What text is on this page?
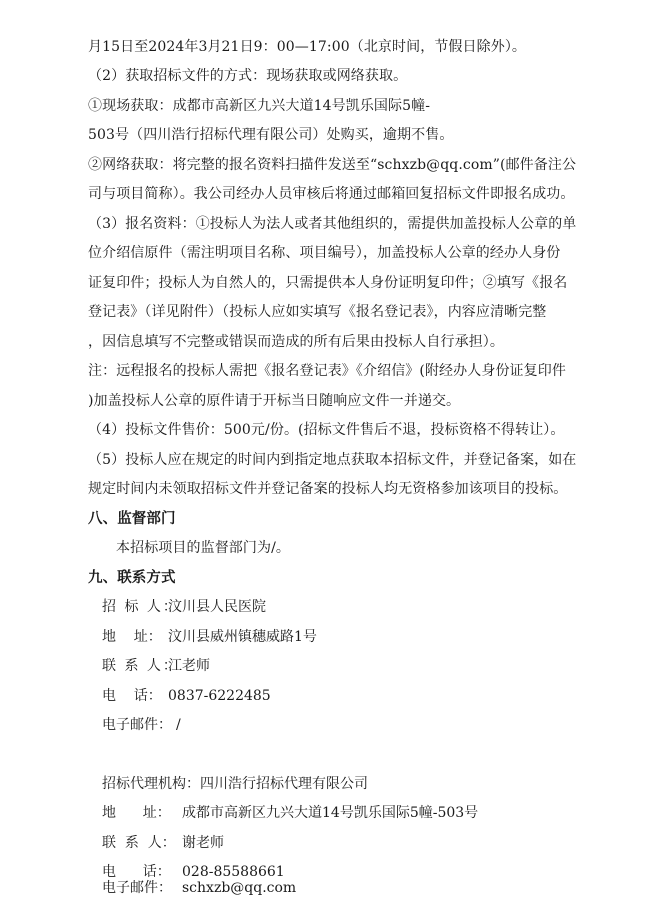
月15日至2024年3月21日9：00—17:00（北京时间，节假日除外）。
（2）获取招标文件的方式：现场获取或网络获取。
①现场获取：成都市高新区九兴大道14号凯乐国际5幢-
503号（四川浩行招标代理有限公司）处购买，逾期不售。
②网络获取：将完整的报名资料扫描件发送至“schxzb@qq.com”(邮件备注公
司与项目简称）。我公司经办人员审核后将通过邮箱回复招标文件即报名成功。
（3）报名资料：①投标人为法人或者其他组织的，需提供加盖投标人公章的单
位介绍信原件（需注明项目名称、项目编号），加盖投标人公章的经办人身份
证复印件；投标人为自然人的，只需提供本人身份证明复印件；②填写《报名
登记表》（详见附件）（投标人应如实填写《报名登记表》，内容应清晰完整
，因信息填写不完整或错误而造成的所有后果由投标人自行承担）。
注：远程报名的投标人需把《报名登记表》《介绍信》(附经办人身份证复印件
)加盖投标人公章的原件请于开标当日随响应文件一并递交。
（4）投标文件售价：500元/份。(招标文件售后不退，投标资格不得转让）。
（5）投标人应在规定的时间内到指定地点获取本招标文件，并登记备案，如在
规定时间内未领取招标文件并登记备案的投标人均无资格参加该项目的投标。
八、监督部门
本招标项目的监督部门为/。
九、联系方式
招 标 人：汶川县人民医院
地    址： 汶川县威州镇穗威路1号
联 系 人：江老师
电    话： 0837-6222485
电子邮件： /
招标代理机构：四川浩行招标代理有限公司
地      址： 成都市高新区九兴大道14号凯乐国际5幢-503号
联  系  人： 谢老师
电      话： 028-85588661
电子邮件： schxzb@qq.com
